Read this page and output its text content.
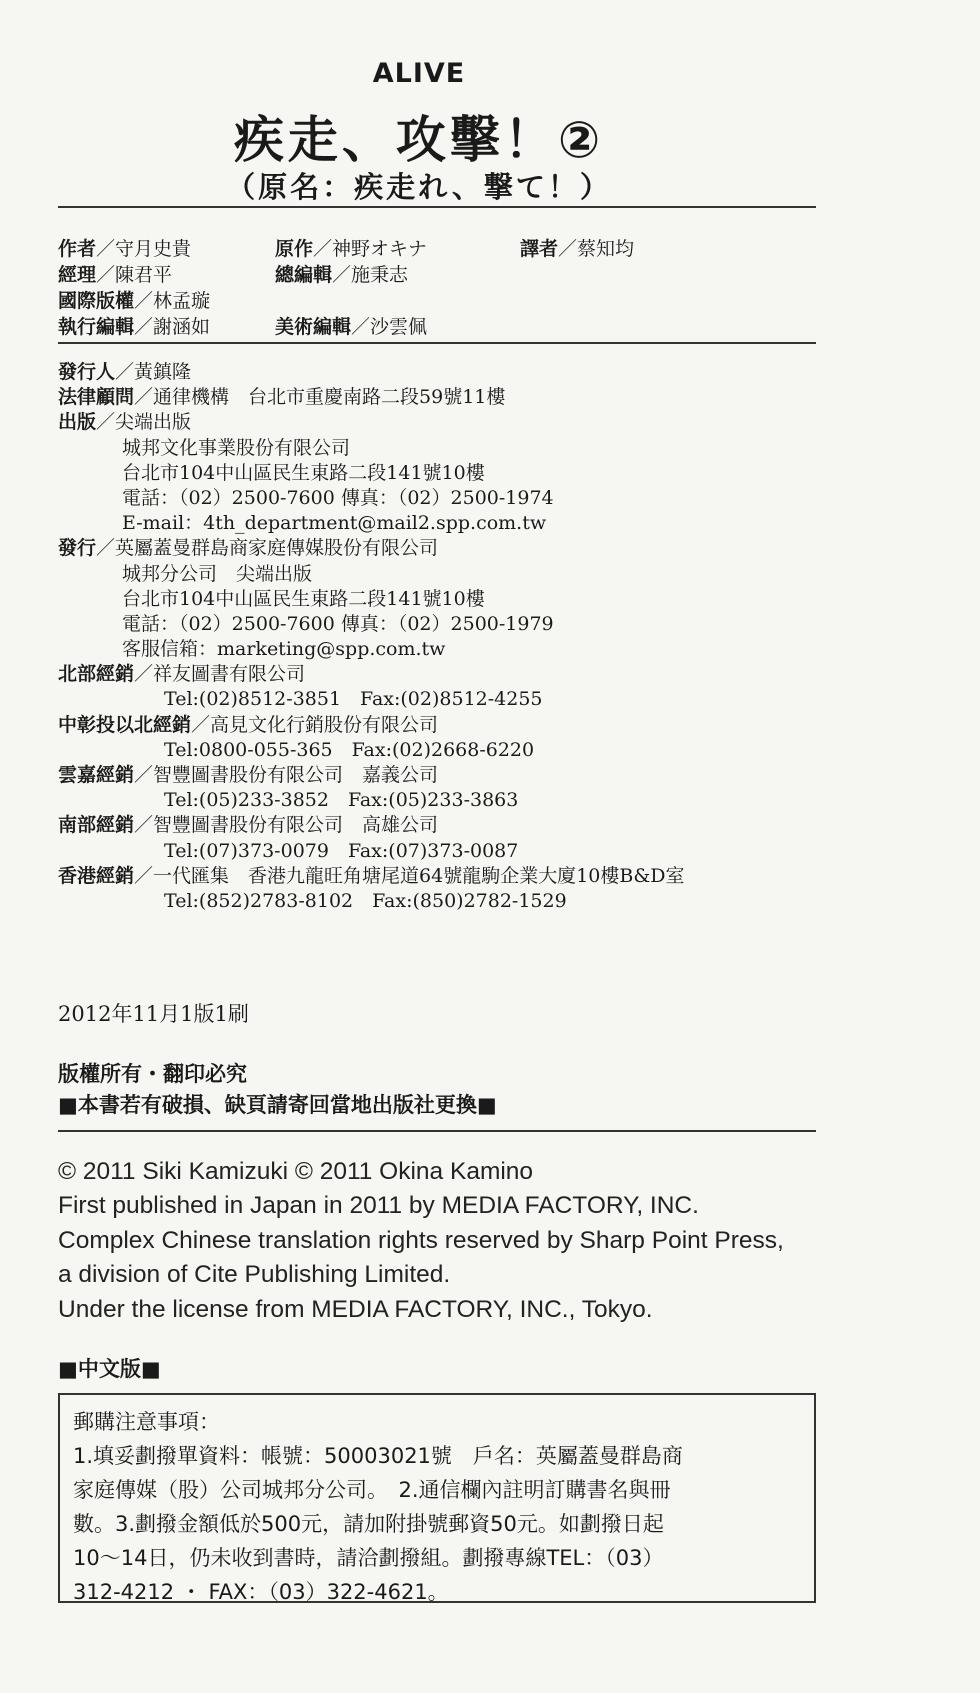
ALIVE
疾走、攻擊！②
（原名：疾走れ、撃て！）
作者／守月史貴	原作／神野オキナ	譯者／蔡知均
經理／陳君平	總編輯／施秉志
國際版權／林孟璇
執行編輯／謝涵如	美術編輯／沙雲佩
發行人／黃鎮隆
法律顧問／通律機構　台北市重慶南路二段59號11樓
出版／尖端出版
城邦文化事業股份有限公司
台北市104中山區民生東路二段141號10樓
電話：（02）2500-7600 傳真：（02）2500-1974
E-mail：4th_department@mail2.spp.com.tw
發行／英屬蓋曼群島商家庭傳媒股份有限公司
城邦分公司　尖端出版
台北市104中山區民生東路二段141號10樓
電話：（02）2500-7600 傳真：（02）2500-1979
客服信箱：marketing@spp.com.tw
北部經銷／祥友圖書有限公司
Tel:(02)8512-3851　Fax:(02)8512-4255
中彰投以北經銷／高見文化行銷股份有限公司
Tel:0800-055-365　Fax:(02)2668-6220
雲嘉經銷／智豐圖書股份有限公司　嘉義公司
Tel:(05)233-3852　Fax:(05)233-3863
南部經銷／智豐圖書股份有限公司　高雄公司
Tel:(07)373-0079　Fax:(07)373-0087
香港經銷／一代匯集　香港九龍旺角塘尾道64號龍駒企業大廈10樓B&D室
Tel:(852)2783-8102　Fax:(850)2782-1529
2012年11月1版1刷
版權所有・翻印必究
■本書若有破損、缺頁請寄回當地出版社更換■
© 2011 Siki Kamizuki © 2011 Okina Kamino
First published in Japan in 2011 by MEDIA FACTORY, INC.
Complex Chinese translation rights reserved by Sharp Point Press,
a division of Cite Publishing Limited.
Under the license from MEDIA FACTORY, INC., Tokyo.
■中文版■
郵購注意事項：
1.填妥劃撥單資料：帳號：50003021號　戶名：英屬蓋曼群島商
家庭傳媒（股）公司城邦分公司。　2.通信欄內註明訂購書名與冊
數。3.劃撥金額低於500元，請加附掛號郵資50元。如劃撥日起
10～14日，仍未收到書時，請洽劃撥組。劃撥專線TEL：（03）
312-4212 ・ FAX：（03）322-4621。
